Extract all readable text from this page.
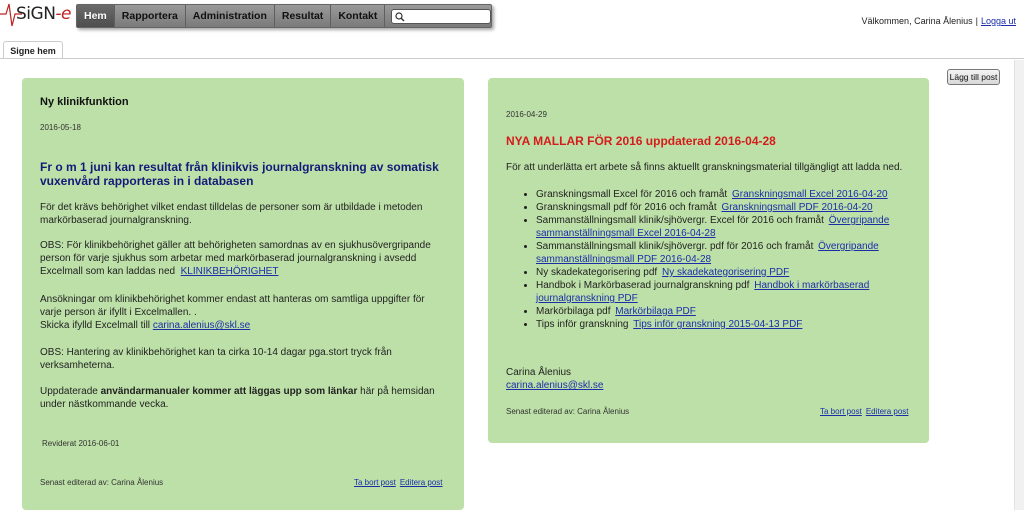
SiGN-e	Hem	Rapportera	Administration	Resultat	Kontakt	Välkommen, Carina Ålenius | Logga ut
Signe hem
Lägg till post
Ny klinikfunktion
2016-05-18
Fr o m 1 juni kan resultat från klinikvis journalgranskning av somatisk vuxenvård rapporteras in i databasen
För det krävs behörighet vilket endast tilldelas de personer som är utbildade i metoden markörbaserad journalgranskning.
OBS: För klinikbehörighet gäller att behörigheten samordnas av en sjukhusövergripande person för varje sjukhus som arbetar med markörbaserad journalgranskning i avsedd Excelmall som kan laddas ned KLINIKBEHÖRIGHET
Ansökningar om klinikbehörighet kommer endast att hanteras om samtliga uppgifter för varje person är ifyllt i Excelmallen. .
Skicka ifylld Excelmall till carina.alenius@skl.se
OBS: Hantering av klinikbehörighet kan ta cirka 10-14 dagar pga.stort tryck från verksamheterna.
Uppdaterade användarmanualer kommer att läggas upp som länkar här på hemsidan under nästkommande vecka.
Reviderat 2016-06-01
Senast editerad av: Carina Ålenius	Ta bort post Editera post
2016-04-29
NYA MALLAR FÖR 2016 uppdaterad 2016-04-28
För att underlätta ert arbete så finns aktuellt granskningsmaterial tillgängligt att ladda ned.
• Granskningsmall Excel för 2016 och framåt Granskningsmall Excel 2016-04-20
• Granskningsmall pdf för 2016 och framåt Granskningsmall PDF 2016-04-20
• Sammanställningsmall klinik/sjhövergr. Excel för 2016 och framåt Övergripande sammanställningsmall Excel 2016-04-28
• Sammanställningsmall klinik/sjhövergr. pdf för 2016 och framåt Övergripande sammanställningsmall PDF 2016-04-28
• Ny skadekategorisering pdf Ny skadekategorisering PDF
• Handbok i Markörbaserad journalgranskning pdf Handbok i markörbaserad journalgranskning PDF
• Markörbilaga pdf Markörbilaga PDF
• Tips inför granskning Tips inför granskning 2015-04-13 PDF
Carina Ålenius
carina.alenius@skl.se
Senast editerad av: Carina Ålenius	Ta bort post Editera post
